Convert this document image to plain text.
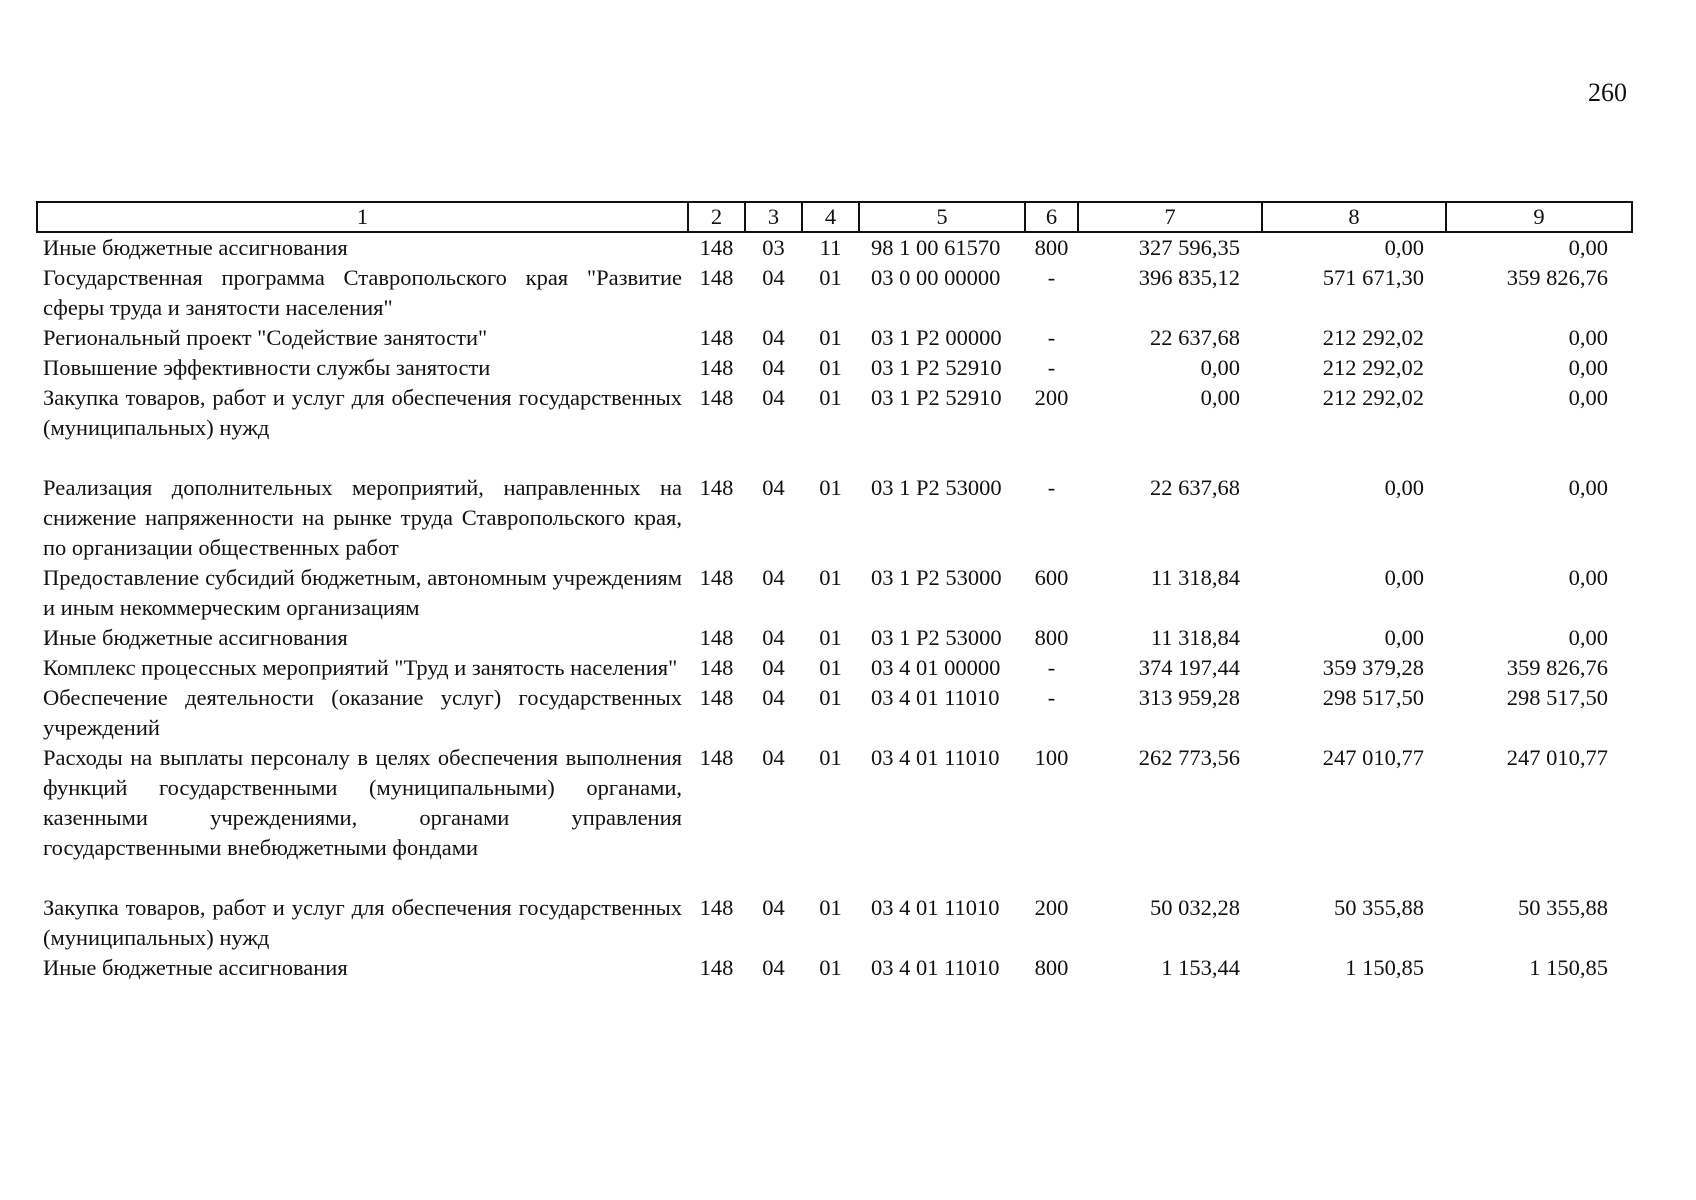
260
1	2	3	4	5	6	7	8	9
Иные бюджетные ассигнования	148	03	11	98 1 00 61570	800	327 596,35	0,00	0,00
Государственная программа Ставропольского края "Развитие сферы труда и занятости населения"	148	04	01	03 0 00 00000	-	396 835,12	571 671,30	359 826,76
Региональный проект "Содействие занятости"	148	04	01	03 1 P2 00000	-	22 637,68	212 292,02	0,00
Повышение эффективности службы занятости	148	04	01	03 1 P2 52910	-	0,00	212 292,02	0,00
Закупка товаров, работ и услуг для обеспечения государственных (муниципальных) нужд	148	04	01	03 1 P2 52910	200	0,00	212 292,02	0,00

Реализация дополнительных мероприятий, направленных на снижение напряженности на рынке труда Ставропольского края, по организации общественных работ	148	04	01	03 1 P2 53000	-	22 637,68	0,00	0,00
Предоставление субсидий бюджетным, автономным учреждениям и иным некоммерческим организациям	148	04	01	03 1 P2 53000	600	11 318,84	0,00	0,00
Иные бюджетные ассигнования	148	04	01	03 1 P2 53000	800	11 318,84	0,00	0,00
Комплекс процессных мероприятий "Труд и занятость населения"	148	04	01	03 4 01 00000	-	374 197,44	359 379,28	359 826,76
Обеспечение деятельности (оказание услуг) государственных учреждений	148	04	01	03 4 01 11010	-	313 959,28	298 517,50	298 517,50
Расходы на выплаты персоналу в целях обеспечения выполнения функций государственными (муниципальными) органами, казенными учреждениями, органами управления государственными внебюджетными фондами	148	04	01	03 4 01 11010	100	262 773,56	247 010,77	247 010,77

Закупка товаров, работ и услуг для обеспечения государственных (муниципальных) нужд	148	04	01	03 4 01 11010	200	50 032,28	50 355,88	50 355,88
Иные бюджетные ассигнования	148	04	01	03 4 01 11010	800	1 153,44	1 150,85	1 150,85
